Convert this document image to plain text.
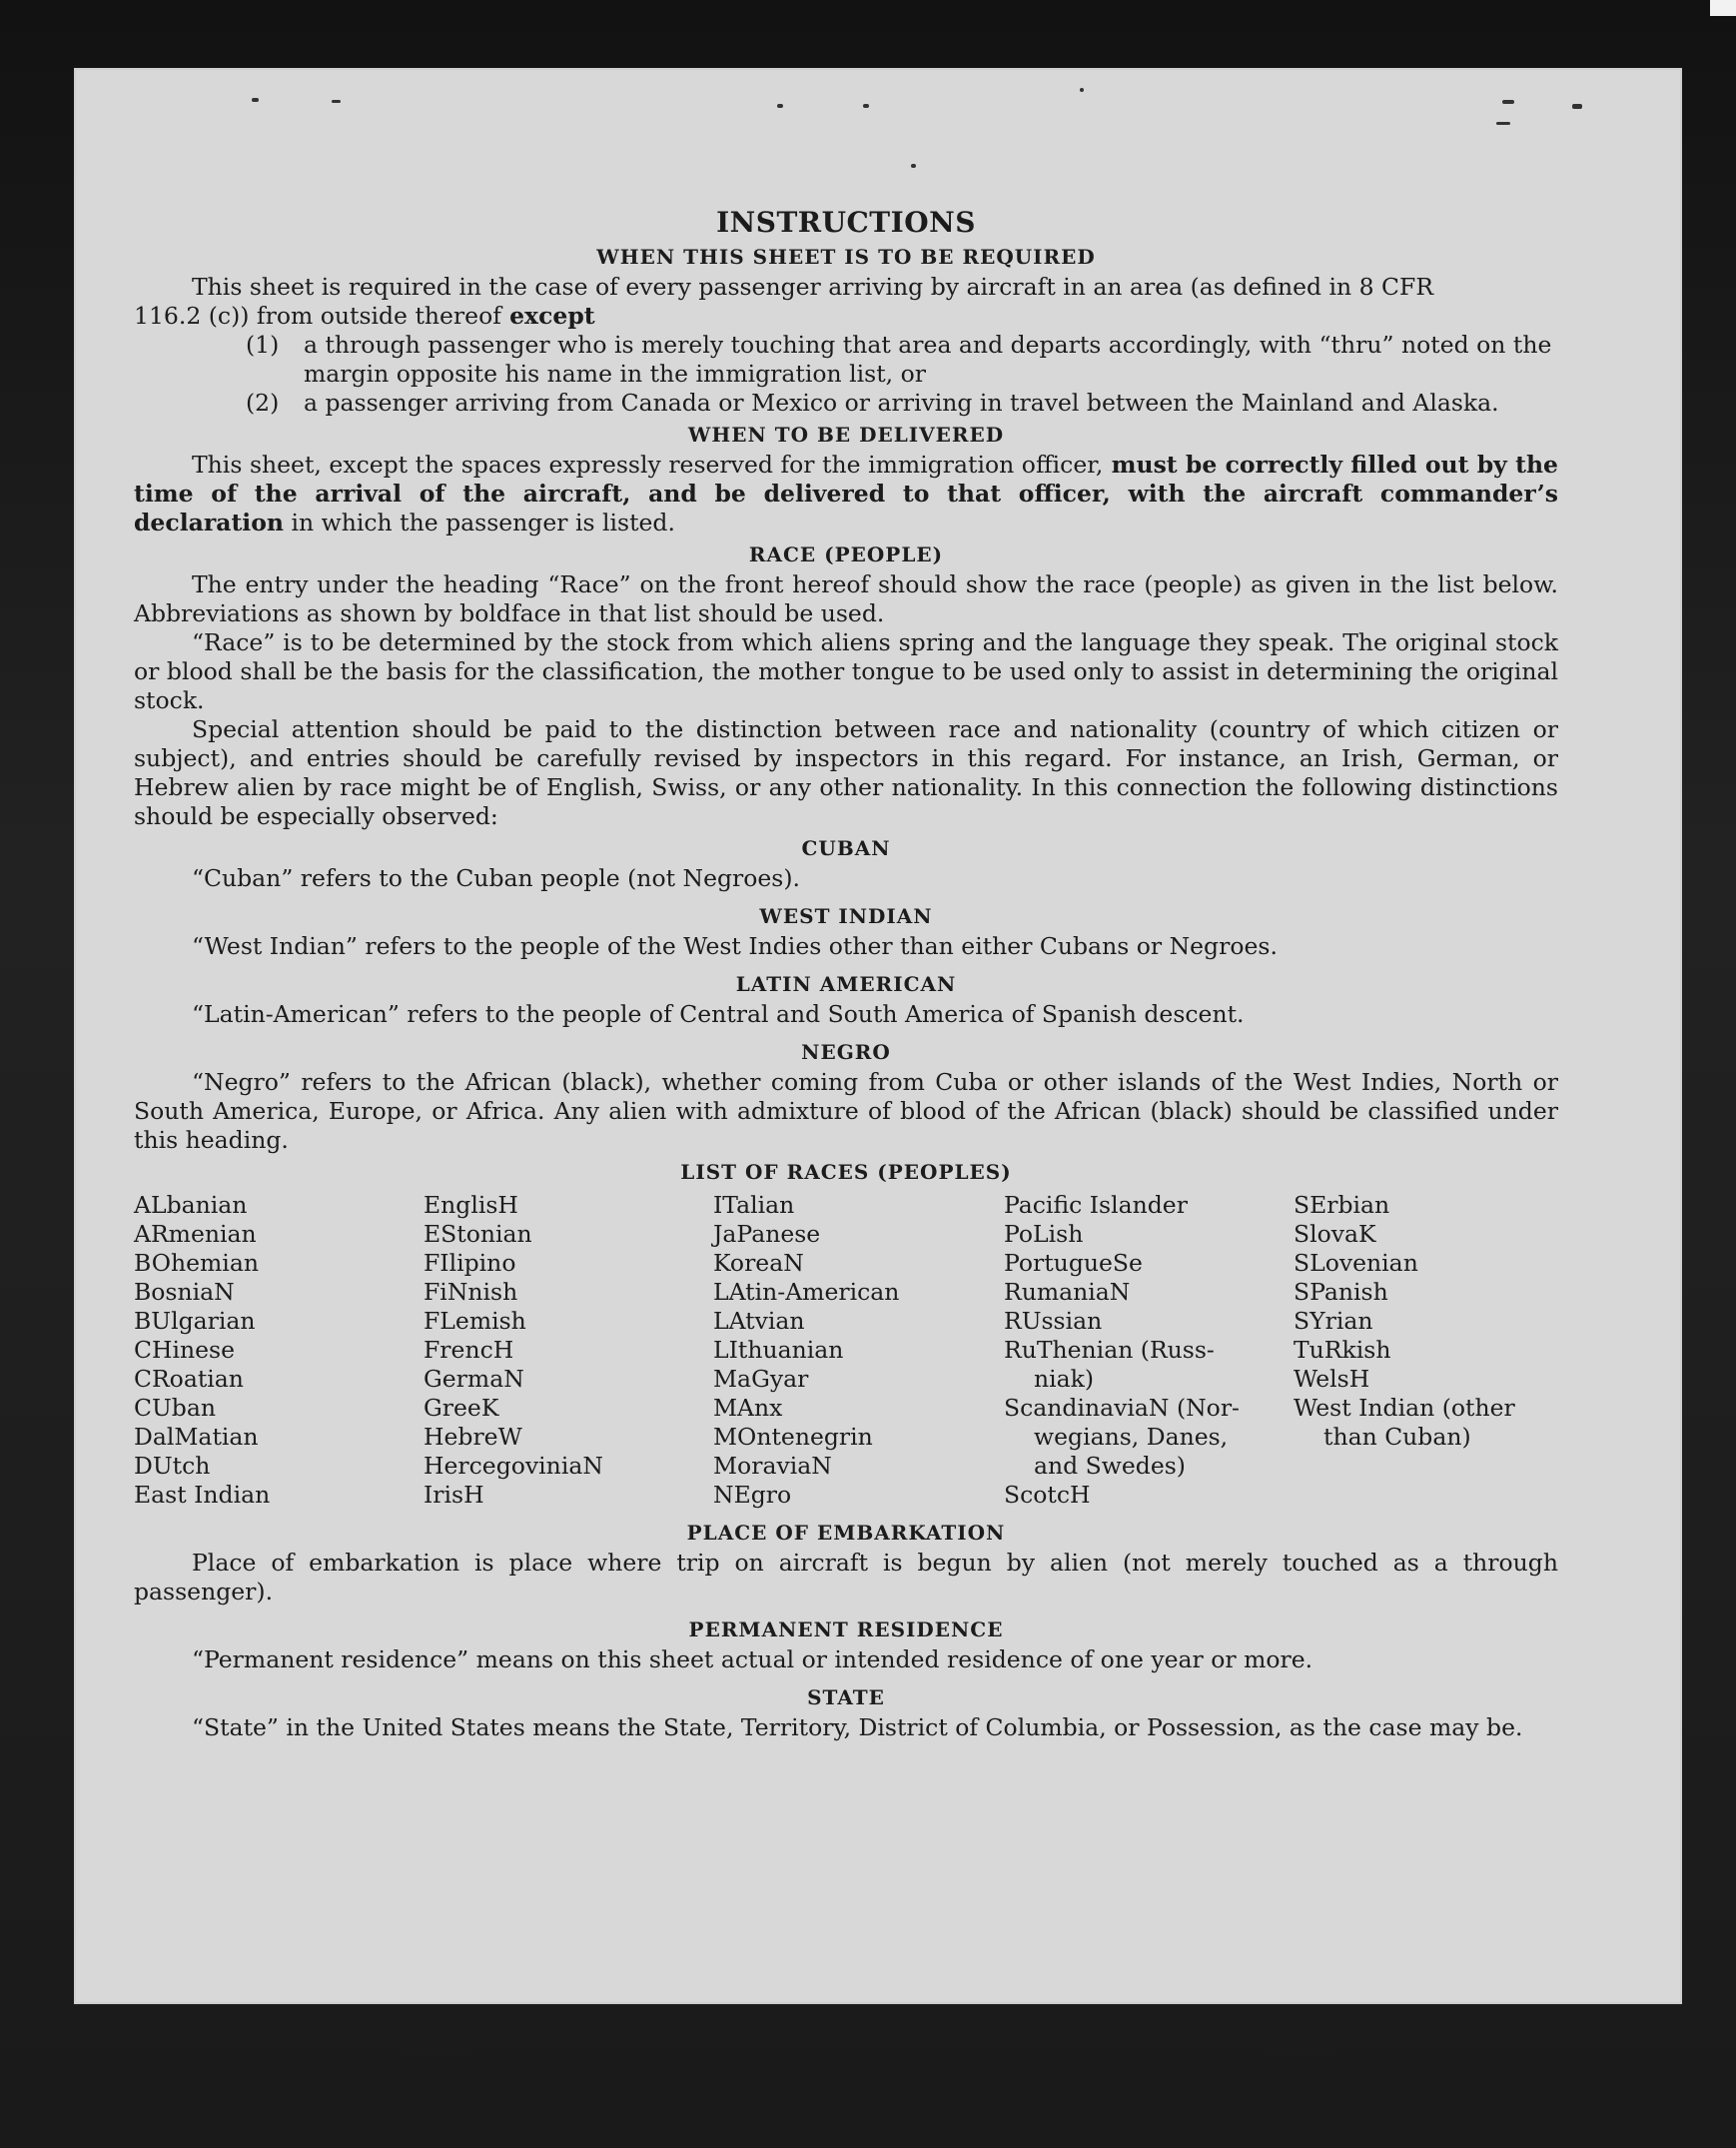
INSTRUCTIONS
WHEN THIS SHEET IS TO BE REQUIRED

This sheet is required in the case of every passenger arriving by aircraft in an area (as defined in 8 CFR

116.2 (c)) from outside thereof except

(1)	a through passenger who is merely touching that area and departs accordingly, with “thru” noted on the margin opposite his name in the immigration list, or
(2)	a passenger arriving from Canada or Mexico or arriving in travel between the Mainland and Alaska.
WHEN TO BE DELIVERED

This sheet, except the spaces expressly reserved for the immigration officer, must be correctly filled out by the time of the arrival of the aircraft, and be delivered to that officer, with the aircraft commander’s declaration in which the passenger is listed.

RACE (PEOPLE)

The entry under the heading “Race” on the front hereof should show the race (people) as given in the list below. Abbreviations as shown by boldface in that list should be used.

“Race” is to be determined by the stock from which aliens spring and the language they speak. The original stock or blood shall be the basis for the classification, the mother tongue to be used only to assist in determining the original stock.

Special attention should be paid to the distinction between race and nationality (country of which citizen or subject), and entries should be carefully revised by inspectors in this regard. For instance, an Irish, German, or Hebrew alien by race might be of English, Swiss, or any other nationality. In this connection the following distinctions should be especially observed:

CUBAN

“Cuban” refers to the Cuban people (not Negroes).

WEST INDIAN

“West Indian” refers to the people of the West Indies other than either Cubans or Negroes.

LATIN AMERICAN

“Latin-American” refers to the people of Central and South America of Spanish descent.

NEGRO

“Negro” refers to the African (black), whether coming from Cuba or other islands of the West Indies, North or South America, Europe, or Africa. Any alien with admixture of blood of the African (black) should be classified under this heading.

LIST OF RACES (PEOPLES)
ALbanian
ARmenian
BOhemian
BosniaN
BUlgarian
CHinese
CRoatian
CUban
DalMatian
DUtch
East Indian
EnglisH
EStonian
FIlipino
FiNnish
FLemish
FrencH
GermaN
GreeK
HebreW
HercegoviniaN
IrisH
ITalian
JaPanese
KoreaN
LAtin-American
LAtvian
LIthuanian
MaGyar
MAnx
MOntenegrin
MoraviaN
NEgro
Pacific Islander
PoLish
PortugueSe
RumaniaN
RUssian
RuThenian (Russ-
niak)
ScandinaviaN (Nor-
wegians, Danes,
and Swedes)
ScotcH
SErbian
SlovaK
SLovenian
SPanish
SYrian
TuRkish
WelsH
West Indian (other
than Cuban)
PLACE OF EMBARKATION

Place of embarkation is place where trip on aircraft is begun by alien (not merely touched as a through passenger).

PERMANENT RESIDENCE

“Permanent residence” means on this sheet actual or intended residence of one year or more.

STATE

“State” in the United States means the State, Territory, District of Columbia, or Possession, as the case may be.
